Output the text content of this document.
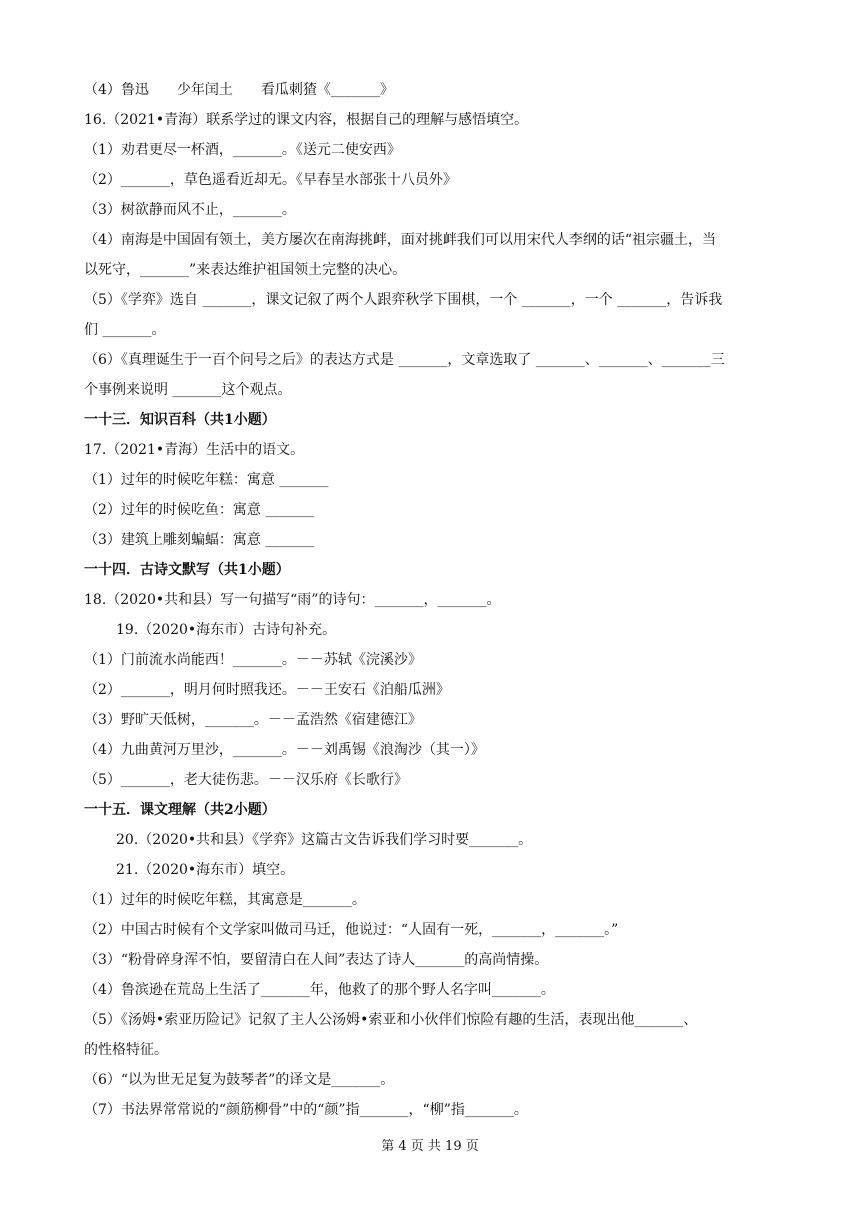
（4）鲁迅　　少年闰土　　看瓜刺猹《_______》
16.（2021•青海）联系学过的课文内容，根据自己的理解与感悟填空。
（1）劝君更尽一杯酒，_______。《送元二使安西》
（2）_______，草色遥看近却无。《早春呈水部张十八员外》
（3）树欲静而风不止，_______。
（4）南海是中国固有领土，美方屡次在南海挑衅，面对挑衅我们可以用宋代人李纲的话“祖宗疆土，当
以死守，_______”来表达维护祖国领土完整的决心。
（5）《学弈》选自 _______，课文记叙了两个人跟弈秋学下围棋，一个 _______，一个 _______，告诉我
们 _______。
（6）《真理诞生于一百个问号之后》的表达方式是 _______，文章选取了 _______、_______、_______三
个事例来说明 _______这个观点。
一十三．知识百科（共1小题）
17.（2021•青海）生活中的语文。
（1）过年的时候吃年糕：寓意 _______
（2）过年的时候吃鱼：寓意 _______
（3）建筑上雕刻蝙蝠：寓意 _______
一十四．古诗文默写（共1小题）
18.（2020•共和县）写一句描写“雨”的诗句：_______，_______。
19.（2020•海东市）古诗句补充。
（1）门前流水尚能西！_______。－－苏轼《浣溪沙》
（2）_______，明月何时照我还。－－王安石《泊船瓜洲》
（3）野旷天低树，_______。－－孟浩然《宿建德江》
（4）九曲黄河万里沙，_______。－－刘禹锡《浪淘沙（其一）》
（5）_______，老大徒伤悲。－－汉乐府《长歌行》
一十五．课文理解（共2小题）
20.（2020•共和县）《学弈》这篇古文告诉我们学习时要_______。
21.（2020•海东市）填空。
（1）过年的时候吃年糕，其寓意是_______。
（2）中国古时候有个文学家叫做司马迁，他说过：“人固有一死，_______，_______。”
（3）“粉骨碎身浑不怕，要留清白在人间”表达了诗人_______的高尚情操。
（4）鲁滨逊在荒岛上生活了_______年，他救了的那个野人名字叫_______。
（5）《汤姆•索亚历险记》记叙了主人公汤姆•索亚和小伙伴们惊险有趣的生活，表现出他_______、
的性格特征。
（6）“以为世无足复为鼓琴者”的译文是_______。
（7）书法界常常说的“颜筋柳骨”中的“颜”指_______，“柳”指_______。
第 4 页 共 19 页
